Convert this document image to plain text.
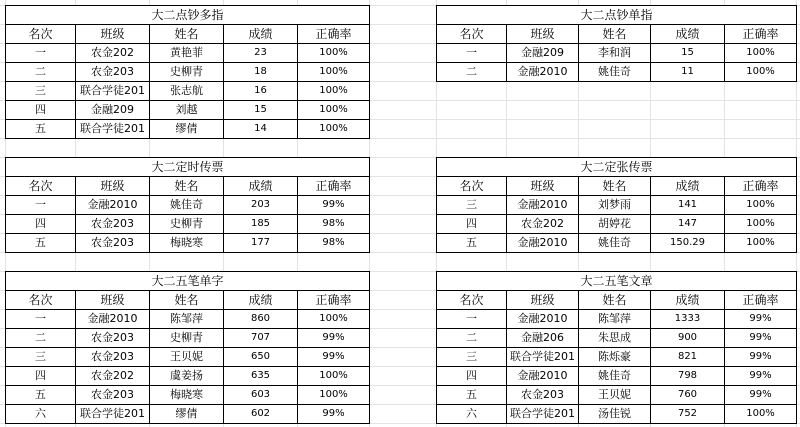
大二点钞多指				
名次	班级	姓名	成绩	正确率
一	农金202	黄艳菲	23	100%
二	农金203	史柳青	18	100%
三	联合学徒201	张志航	16	100%
四	金融209	刘越	15	100%
五	联合学徒201	缪倩	14	100%
大二点钞单指				
名次	班级	姓名	成绩	正确率
一	金融209	李和润	15	100%
二	金融2010	姚佳奇	11	100%
大二定时传票				
名次	班级	姓名	成绩	正确率
一	金融2010	姚佳奇	203	99%
四	农金203	史柳青	185	98%
五	农金203	梅晓寒	177	98%
大二定张传票				
名次	班级	姓名	成绩	正确率
三	金融2010	刘梦雨	141	100%
四	农金202	胡婷花	147	100%
五	金融2010	姚佳奇	150.29	100%
大二五笔单字				
名次	班级	姓名	成绩	正确率
一	金融2010	陈邹萍	860	100%
二	农金203	史柳青	707	99%
三	农金203	王贝妮	650	99%
四	农金202	虞姜扬	635	100%
五	农金203	梅晓寒	603	100%
六	联合学徒201	缪倩	602	99%
大二五笔文章				
名次	班级	姓名	成绩	正确率
一	金融2010	陈邹萍	1333	99%
二	金融206	朱思成	900	99%
三	联合学徒201	陈烁豪	821	99%
四	金融2010	姚佳奇	798	99%
五	农金203	王贝妮	760	99%
六	联合学徒201	汤佳锐	752	100%
